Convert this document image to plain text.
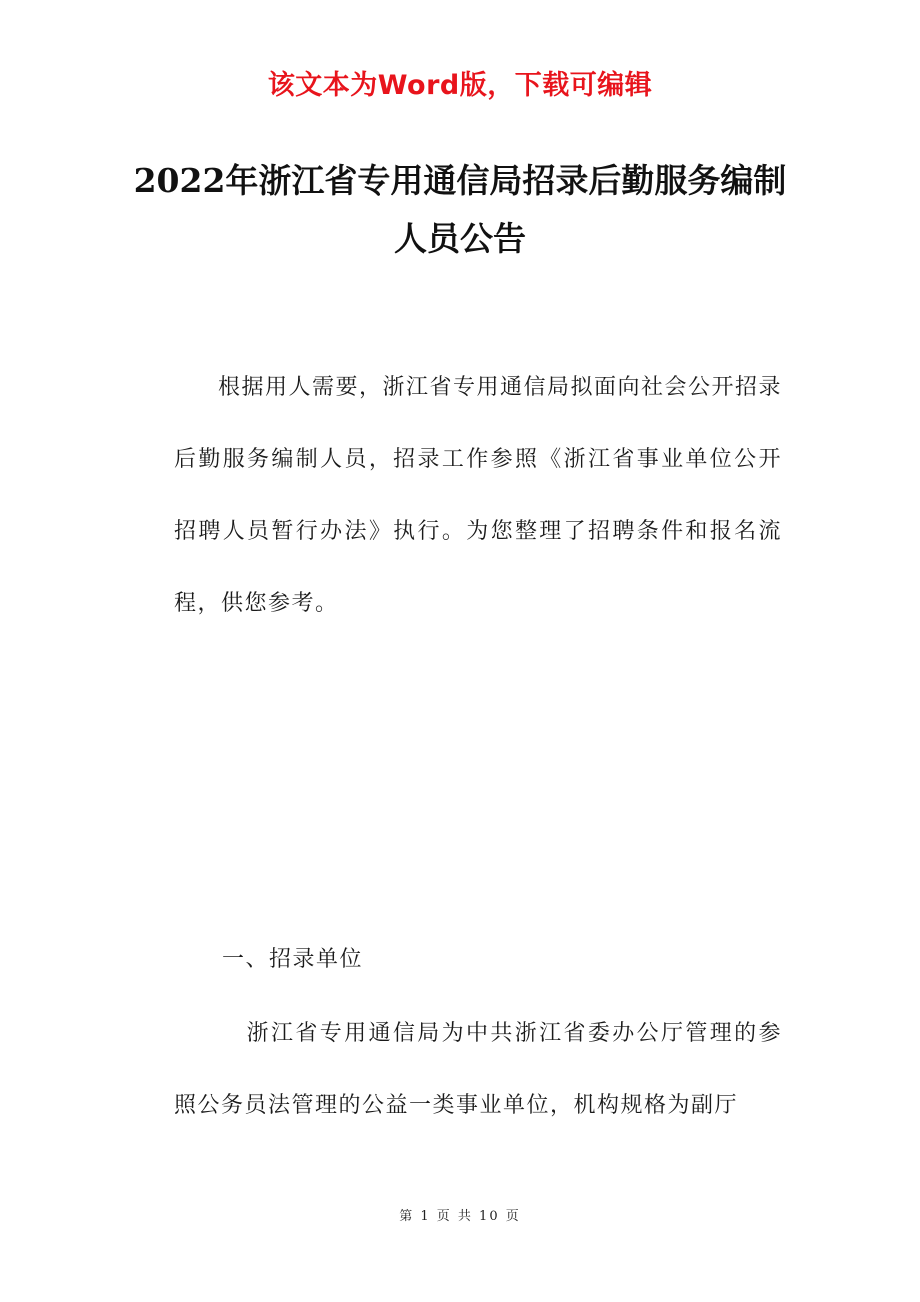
该文本为Word版，下载可编辑
2022年浙江省专用通信局招录后勤服务编制人员公告
根据用人需要，浙江省专用通信局拟面向社会公开招录后勤服务编制人员，招录工作参照《浙江省事业单位公开招聘人员暂行办法》执行。为您整理了招聘条件和报名流程，供您参考。
一、招录单位
浙江省专用通信局为中共浙江省委办公厅管理的参照公务员法管理的公益一类事业单位，机构规格为副厅
第 1 页 共 10 页
